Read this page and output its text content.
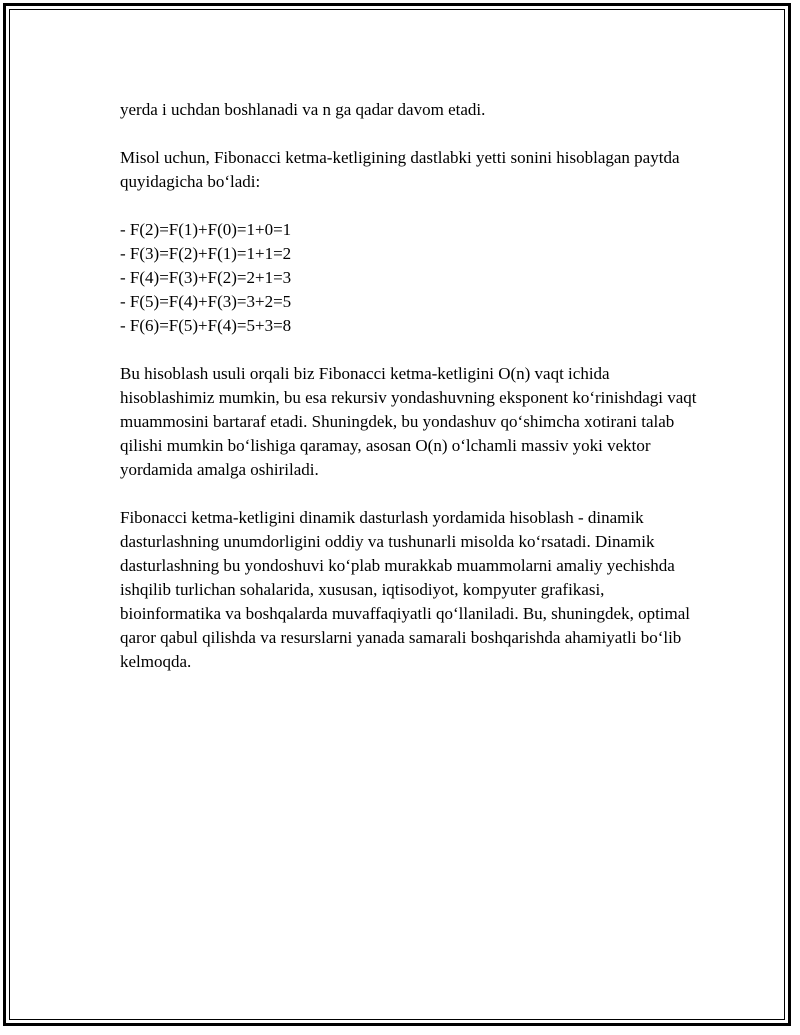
yerda i uchdan boshlanadi va n ga qadar davom etadi.

Misol uchun, Fibonacci ketma-ketligining dastlabki yetti sonini hisoblagan paytda quyidagicha bo‘ladi:

- F(2)=F(1)+F(0)=1+0=1
- F(3)=F(2)+F(1)=1+1=2
- F(4)=F(3)+F(2)=2+1=3
- F(5)=F(4)+F(3)=3+2=5
- F(6)=F(5)+F(4)=5+3=8

Bu hisoblash usuli orqali biz Fibonacci ketma-ketligini O(n) vaqt ichida hisoblashimiz mumkin, bu esa rekursiv yondashuvning eksponent ko‘rinishdagi vaqt muammosini bartaraf etadi. Shuningdek, bu yondashuv qo‘shimcha xotirani talab qilishi mumkin bo‘lishiga qaramay, asosan O(n) o‘lchamli massiv yoki vektor yordamida amalga oshiriladi.

Fibonacci ketma-ketligini dinamik dasturlash yordamida hisoblash - dinamik dasturlashning unumdorligini oddiy va tushunarli misolda ko‘rsatadi. Dinamik dasturlashning bu yondoshuvi ko‘plab murakkab muammolarni amaliy yechishda ishqilib turlichan sohalarida, xususan, iqtisodiyot, kompyuter grafikasi, bioinformatika va boshqalarda muvaffaqiyatli qo‘llaniladi. Bu, shuningdek, optimal qaror qabul qilishda va resurslarni yanada samarali boshqarishda ahamiyatli bo‘lib kelmoqda.
